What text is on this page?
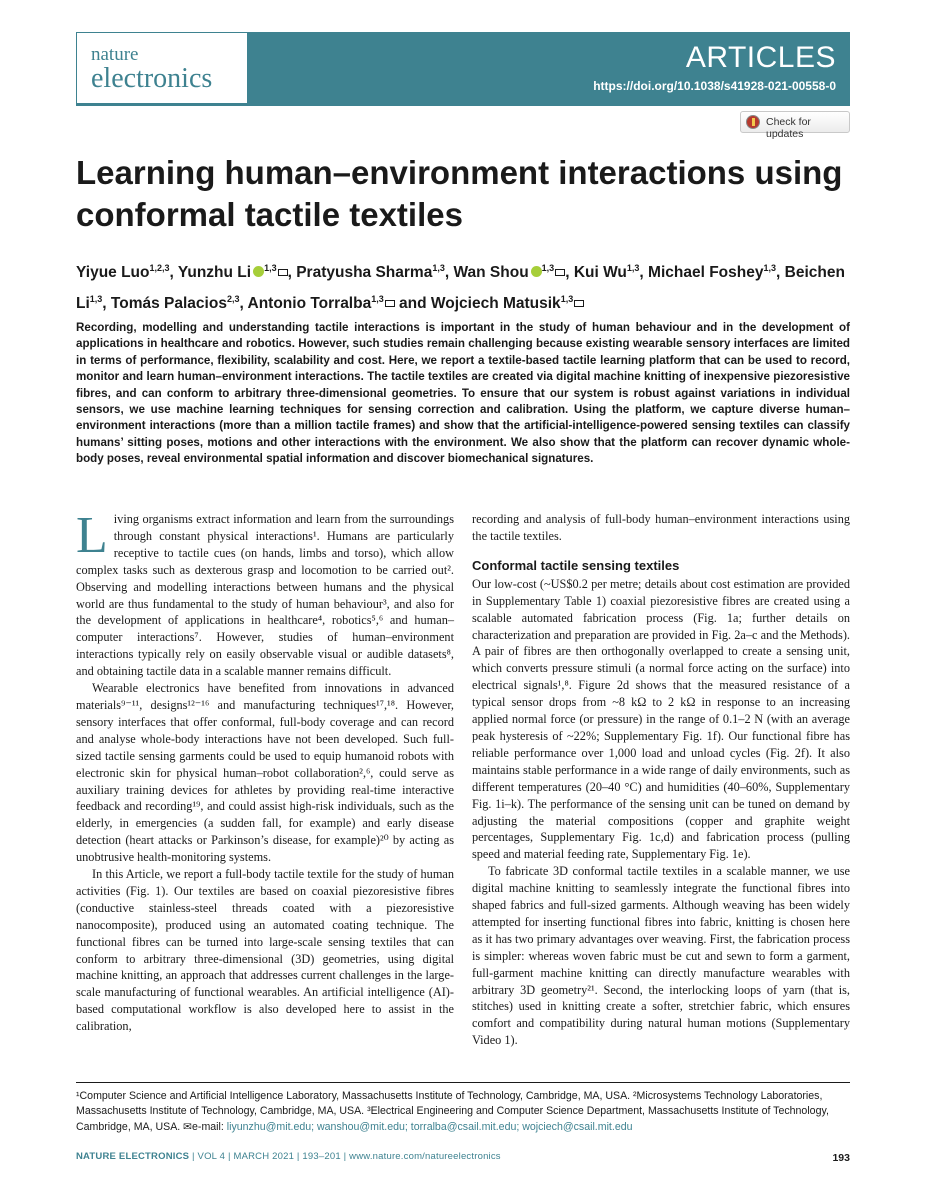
nature
electronics
ARTICLES
https://doi.org/10.1038/s41928-021-00558-0
Check for updates
Learning human–environment interactions using conformal tactile textiles

Yiyue Luo$^{1,2,3}$, Yunzhu Li $^{1,3}$ , Pratyusha Sharma$^{1,3}$, Wan Shou $^{1,3}$ , Kui Wu$^{1,3}$, Michael Foshey$^{1,3}$, Beichen Li$^{1,3}$, Tomás Palacios$^{2,3}$, Antonio Torralba$^{1,3}$ and Wojciech Matusik$^{1,3}$

Recording, modelling and understanding tactile interactions is important in the study of human behaviour and in the development of applications in healthcare and robotics. However, such studies remain challenging because existing wearable sensory interfaces are limited in terms of performance, flexibility, scalability and cost. Here, we report a textile-based tactile learning platform that can be used to record, monitor and learn human–environment interactions. The tactile textiles are created via digital machine knitting of inexpensive piezoresistive fibres, and can conform to arbitrary three-dimensional geometries. To ensure that our system is robust against variations in individual sensors, we use machine learning techniques for sensing correction and calibration. Using the platform, we capture diverse human–environment interactions (more than a million tactile frames) and show that the artificial-intelligence-powered sensing textiles can classify humans’ sitting poses, motions and other interactions with the environment. We also show that the platform can recover dynamic whole-body poses, reveal environmental spatial information and discover biomechanical signatures.

Living organisms extract information and learn from the surroundings through constant physical interactions¹. Humans are particularly receptive to tactile cues (on hands, limbs and torso), which allow complex tasks such as dexterous grasp and locomotion to be carried out². Observing and modelling interactions between humans and the physical world are thus fundamental to the study of human behaviour³, and also for the development of applications in healthcare⁴, robotics⁵,⁶ and human–computer interactions⁷. However, studies of human–environment interactions typically rely on easily observable visual or audible datasets⁸, and obtaining tactile data in a scalable manner remains difficult.

Wearable electronics have benefited from innovations in advanced materials⁹⁻¹¹, designs¹²⁻¹⁶ and manufacturing techniques¹⁷,¹⁸. However, sensory interfaces that offer conformal, full-body coverage and can record and analyse whole-body interactions have not been developed. Such full-sized tactile sensing garments could be used to equip humanoid robots with electronic skin for physical human–robot collaboration²,⁶, could serve as auxiliary training devices for athletes by providing real-time interactive feedback and recording¹⁹, and could assist high-risk individuals, such as the elderly, in emergencies (a sudden fall, for example) and early disease detection (heart attacks or Parkinson’s disease, for example)²⁰ by acting as unobtrusive health-monitoring systems.

In this Article, we report a full-body tactile textile for the study of human activities (Fig. 1). Our textiles are based on coaxial piezoresistive fibres (conductive stainless-steel threads coated with a piezoresistive nanocomposite), produced using an automated coating technique. The functional fibres can be turned into large-scale sensing textiles that can conform to arbitrary three-dimensional (3D) geometries, using digital machine knitting, an approach that addresses current challenges in the large-scale manufacturing of functional wearables. An artificial intelligence (AI)-based computational workflow is also developed here to assist in the calibration,

recording and analysis of full-body human–environment interactions using the tactile textiles.

Conformal tactile sensing textiles

Our low-cost (~US$0.2 per metre; details about cost estimation are provided in Supplementary Table 1) coaxial piezoresistive fibres are created using a scalable automated fabrication process (Fig. 1a; further details on characterization and preparation are provided in Fig. 2a–c and the Methods). A pair of fibres are then orthogonally overlapped to create a sensing unit, which converts pressure stimuli (a normal force acting on the surface) into electrical signals¹,⁸. Figure 2d shows that the measured resistance of a typical sensor drops from ~8 kΩ to 2 kΩ in response to an increasing applied normal force (or pressure) in the range of 0.1–2 N (with an average peak hysteresis of ~22%; Supplementary Fig. 1f). Our functional fibre has reliable performance over 1,000 load and unload cycles (Fig. 2f). It also maintains stable performance in a wide range of daily environments, such as different temperatures (20–40 °C) and humidities (40–60%, Supplementary Fig. 1i–k). The performance of the sensing unit can be tuned on demand by adjusting the material compositions (copper and graphite weight percentages, Supplementary Fig. 1c,d) and fabrication process (pulling speed and material feeding rate, Supplementary Fig. 1e).

To fabricate 3D conformal tactile textiles in a scalable manner, we use digital machine knitting to seamlessly integrate the functional fibres into shaped fabrics and full-sized garments. Although weaving has been widely attempted for inserting functional fibres into fabric, knitting is chosen here as it has two primary advantages over weaving. First, the fabrication process is simpler: whereas woven fabric must be cut and sewn to form a garment, full-garment machine knitting can directly manufacture wearables with arbitrary 3D geometry²¹. Second, the interlocking loops of yarn (that is, stitches) used in knitting create a softer, stretchier fabric, which ensures comfort and compatibility during natural human motions (Supplementary Video 1).

¹Computer Science and Artificial Intelligence Laboratory, Massachusetts Institute of Technology, Cambridge, MA, USA. ²Microsystems Technology Laboratories, Massachusetts Institute of Technology, Cambridge, MA, USA. ³Electrical Engineering and Computer Science Department, Massachusetts Institute of Technology, Cambridge, MA, USA. ✉e-mail: liyunzhu@mit.edu; wanshou@mit.edu; torralba@csail.mit.edu; wojciech@csail.mit.edu

NATURE ELECTRONICS | VOL 4 | MARCH 2021 | 193–201 | www.nature.com/natureelectronics	193
